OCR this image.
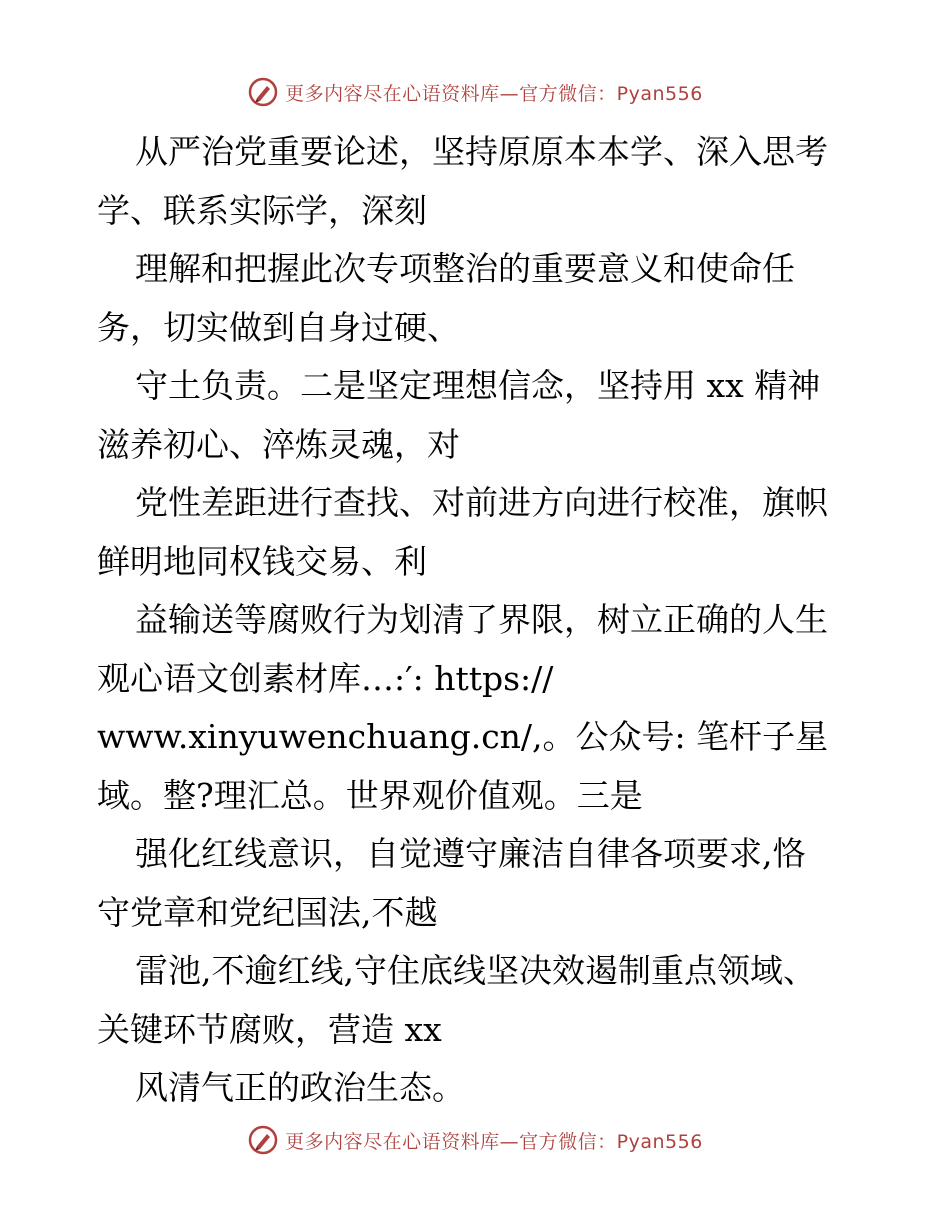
更多内容尽在心语资料库—官方微信：Pyan556
从严治党重要论述，坚持原原本本学、深入思考
学、联系实际学，深刻
理解和把握此次专项整治的重要意义和使命任
务，切实做到自身过硬、
守土负责。二是坚定理想信念，坚持用 xx 精神
滋养初心、淬炼灵魂，对
党性差距进行查找、对前进方向进行校准，旗帜
鲜明地同权钱交易、利
益输送等腐败行为划清了界限，树立正确的人生
观心语文创素材库…:′: https://
www.xinyuwenchuang.cn/,。公众号: 笔杆子星
域。整?理汇总。世界观价值观。三是
强化红线意识，自觉遵守廉洁自律各项要求,恪
守党章和党纪国法,不越
雷池,不逾红线,守住底线坚决效遏制重点领域、
关键环节腐败，营造 xx
风清气正的政治生态。
更多内容尽在心语资料库—官方微信：Pyan556
